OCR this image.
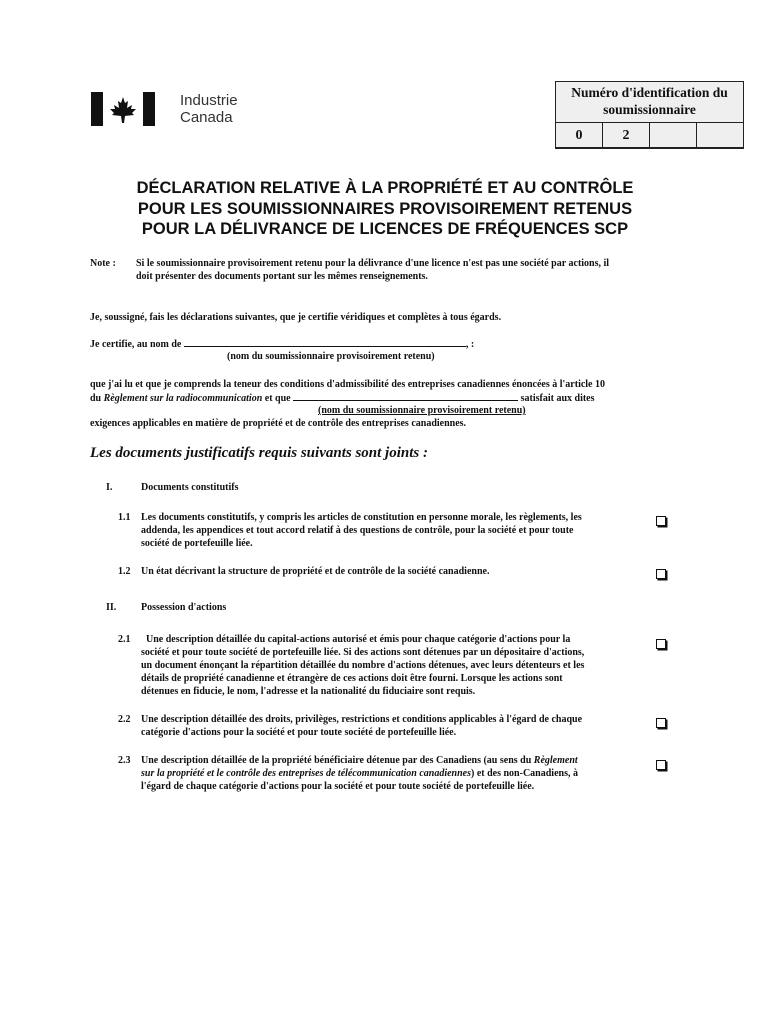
Industrie
Canada
Numéro d'identification du
soumissionnaire
0	2
DÉCLARATION RELATIVE À LA PROPRIÉTÉ ET AU CONTRÔLE
POUR LES SOUMISSIONNAIRES PROVISOIREMENT RETENUS
POUR LA DÉLIVRANCE DE LICENCES DE FRÉQUENCES SCP
Note : Si le soumissionnaire provisoirement retenu pour la délivrance d'une licence n'est pas une société par actions, il
doit présenter des documents portant sur les mêmes renseignements.
Je, soussigné, fais les déclarations suivantes, que je certifie véridiques et complètes à tous égards.
Je certifie, au nom de	, :
(nom du soumissionnaire provisoirement retenu)
que j'ai lu et que je comprends la teneur des conditions d'admissibilité des entreprises canadiennes énoncées à l'article 10
du Règlement sur la radiocommunication et que	satisfait aux dites
(nom du soumissionnaire provisoirement retenu)
exigences applicables en matière de propriété et de contrôle des entreprises canadiennes.
Les documents justificatifs requis suivants sont joints :
I.	Documents constitutifs
1.1 Les documents constitutifs, y compris les articles de constitution en personne morale, les règlements, les
addenda, les appendices et tout accord relatif à des questions de contrôle, pour la société et pour toute
société de portefeuille liée.
1.2 Un état décrivant la structure de propriété et de contrôle de la société canadienne.
II. Possession d'actions
2.1 Une description détaillée du capital-actions autorisé et émis pour chaque catégorie d'actions pour la
société et pour toute société de portefeuille liée. Si des actions sont détenues par un dépositaire d'actions,
un document énonçant la répartition détaillée du nombre d'actions détenues, avec leurs détenteurs et les
détails de propriété canadienne et étrangère de ces actions doit être fourni. Lorsque les actions sont
détenues en fiducie, le nom, l'adresse et la nationalité du fiduciaire sont requis.
2.2 Une description détaillée des droits, privilèges, restrictions et conditions applicables à l'égard de chaque
catégorie d'actions pour la société et pour toute société de portefeuille liée.
2.3 Une description détaillée de la propriété bénéficiaire détenue par des Canadiens (au sens du Règlement
sur la propriété et le contrôle des entreprises de télécommunication canadiennes) et des non-Canadiens, à
l'égard de chaque catégorie d'actions pour la société et pour toute société de portefeuille liée.
